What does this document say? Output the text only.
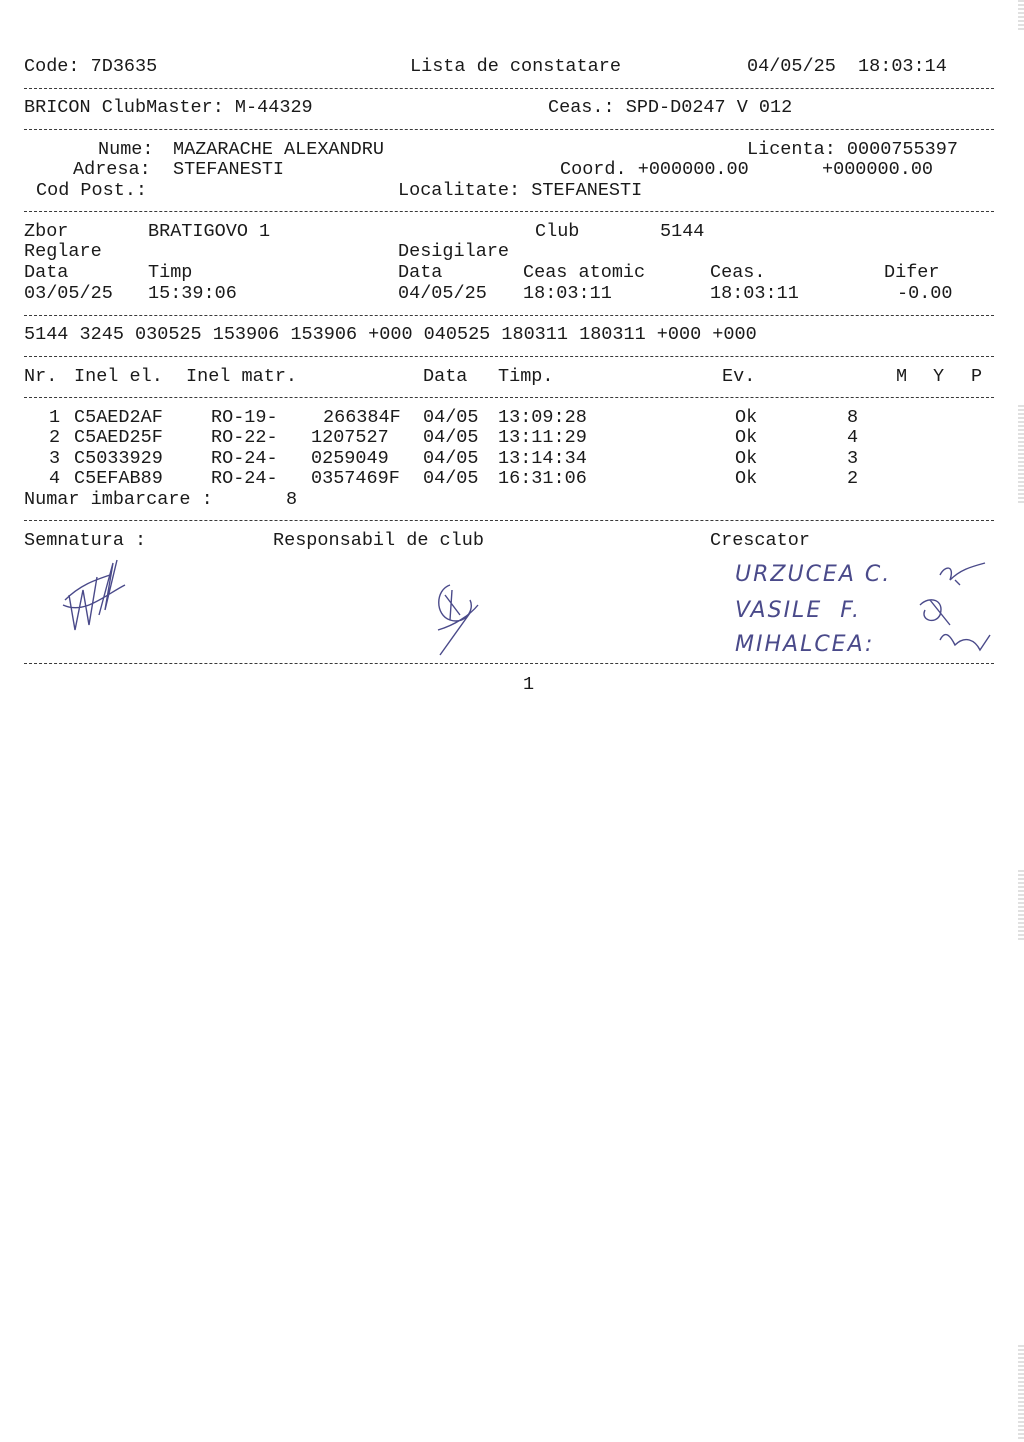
Code: 7D3635	Lista de constatare	04/05/25  18:03:14
BRICON ClubMaster: M-44329	Ceas.: SPD-D0247 V 012
Nume: MAZARACHE ALEXANDRU	Licenta: 0000755397
Adresa: STEFANESTI	Coord. +000000.00	+000000.00
Cod Post.:	Localitate: STEFANESTI
Zbor	BRATIGOVO 1	Club	5144
Reglare	Desigilare
Data	Timp	Data	Ceas atomic	Ceas.	Difer
03/05/25 15:39:06	04/05/25 18:03:11	18:03:11	-0.00
5144 3245 030525 153906 153906 +000 040525 180311 180311 +000 +000
Nr. Inel el. Inel matr.	Data Timp.	Ev.	M Y P
1 C5AED2AF	RO-19- 266384F 04/05 13:09:28	Ok	8
2 C5AED25F	RO-22- 1207527 04/05 13:11:29	Ok	4
3 C5033929	RO-24- 0259049 04/05 13:14:34	Ok	3
4 C5EFAB89	RO-24- 0357469F 04/05 16:31:06	Ok	2
Numar imbarcare :	8
Semnatura :	Responsabil de club	Crescator
URZUCEA C.
VASILE  F.
MIHALCEA:
1
